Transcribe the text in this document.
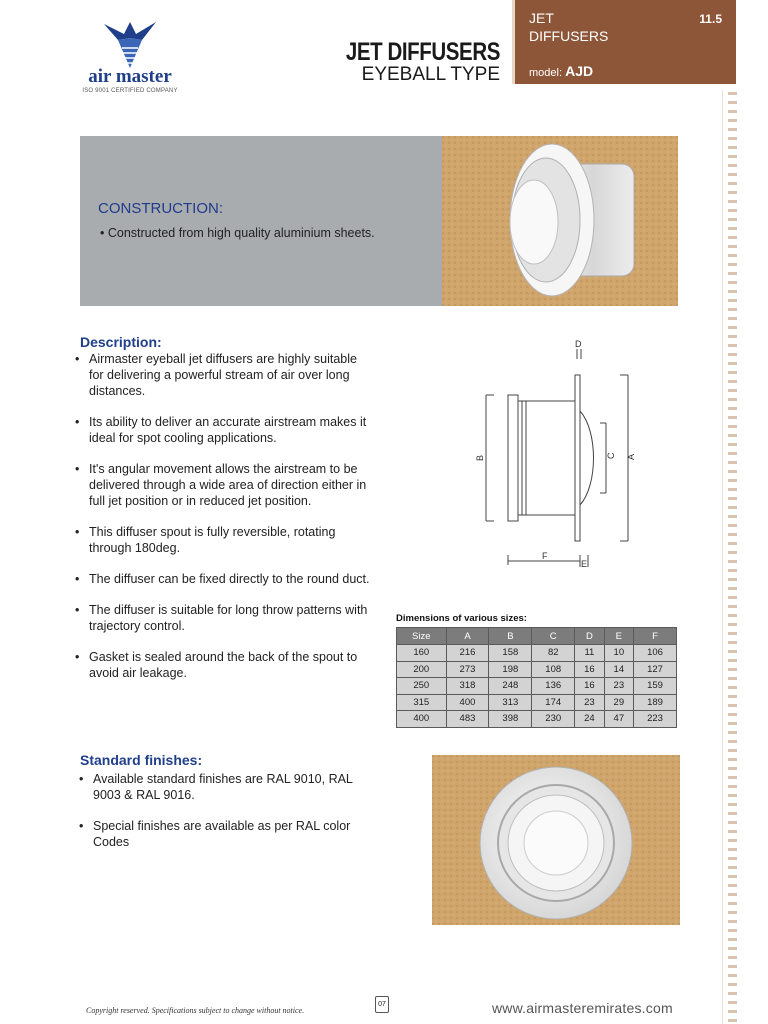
air master
ISO 9001 CERTIFIED COMPANY
JET DIFFUSERS
EYEBALL TYPE
JET
DIFFUSERS
11.5
model: AJD
CONSTRUCTION:
• Constructed from high quality aluminium sheets.
Description:
• Airmaster eyeball jet diffusers are highly suitable for delivering a powerful stream of air over long distances.
• Its ability to deliver an accurate airstream makes it ideal for spot cooling applications.
• It's angular movement allows the airstream to be delivered through a wide area of direction either in full jet position or in reduced jet position.
• This diffuser spout is fully reversible, rotating through 180deg.
• The diffuser can be fixed directly to the round duct.
• The diffuser is suitable for long throw patterns with trajectory control.
• Gasket is sealed around the back of the spout to avoid air leakage.
B	A
C
D
F
E
Dimensions of various sizes:
Size	A	B	C	D	E	F
160	216	158	82	11	10	106
200	273	198	108	16	14	127
250	318	248	136	16	23	159
315	400	313	174	23	29	189
400	483	398	230	24	47	223
Standard finishes:
• Available standard finishes are RAL 9010, RAL 9003 & RAL 9016.
• Special finishes are available as per RAL color Codes
Copyright reserved. Specifications subject to change without notice.
07	www.airmasteremirates.com
